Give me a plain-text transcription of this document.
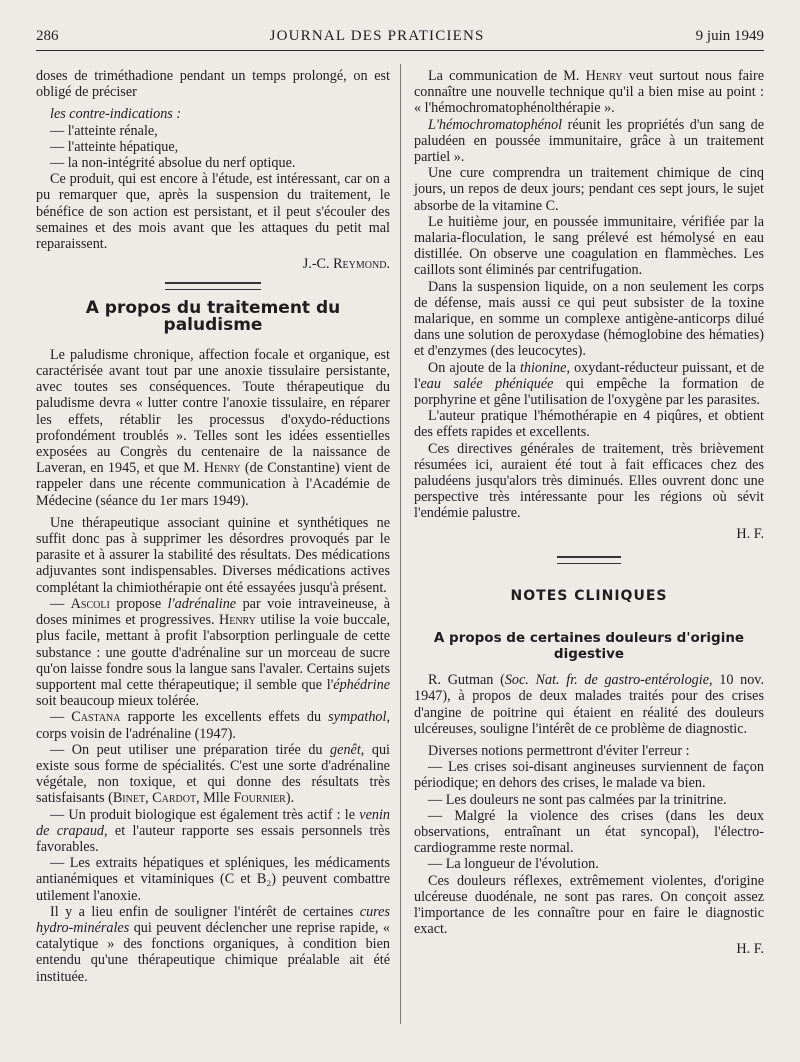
286	JOURNAL DES PRATICIENS	9 juin 1949

doses de triméthadione pendant un temps prolongé, on est obligé de préciser

les contre-indications :

— l'atteinte rénale,

— l'atteinte hépatique,

— la non-intégrité absolue du nerf optique.

Ce produit, qui est encore à l'étude, est intéressant, car on a pu remarquer que, après la suspension du traitement, le bénéfice de son action est persistant, et il peut s'écouler des semaines et des mois avant que les attaques du petit mal reparaissent.

J.-C. Reymond.

A propos du traitement du paludisme

Le paludisme chronique, affection focale et organique, est caractérisée avant tout par une anoxie tissulaire persistante, avec toutes ses conséquences. Toute thérapeutique du paludisme devra « lutter contre l'anoxie tissulaire, en réparer les effets, rétablir les processus d'oxydo-réductions profondément troublés ». Telles sont les idées essentielles exposées au Congrès du centenaire de la naissance de Laveran, en 1945, et que M. Henry (de Constantine) vient de rappeler dans une récente communication à l'Académie de Médecine (séance du 1er mars 1949).

Une thérapeutique associant quinine et synthétiques ne suffit donc pas à supprimer les désordres provoqués par le parasite et à assurer la stabilité des résultats. Des médications adjuvantes sont indispensables. Diverses médications actives complétant la chimiothérapie ont été essayées jusqu'à présent.

— Ascoli propose l'adrénaline par voie intraveineuse, à doses minimes et progressives. Henry utilise la voie buccale, plus facile, mettant à profit l'absorption perlinguale de cette substance : une goutte d'adrénaline sur un morceau de sucre qu'on laisse fondre sous la langue sans l'avaler. Certains sujets supportent mal cette thérapeutique; il semble que l'éphédrine soit beaucoup mieux tolérée.

— Castana rapporte les excellents effets du sympathol, corps voisin de l'adrénaline (1947).

— On peut utiliser une préparation tirée du genêt, qui existe sous forme de spécialités. C'est une sorte d'adrénaline végétale, non toxique, et qui donne des résultats très satisfaisants (Binet, Cardot, Mlle Fournier).

— Un produit biologique est également très actif : le venin de crapaud, et l'auteur rapporte ses essais personnels très favorables.

— Les extraits hépatiques et spléniques, les médicaments antianémiques et vitaminiques (C et B₂) peuvent combattre utilement l'anoxie.

Il y a lieu enfin de souligner l'intérêt de certaines cures hydro-minérales qui peuvent déclencher une reprise rapide, « catalytique » des fonctions organiques, à condition bien entendu qu'une thérapeutique chimique préalable ait été instituée.

La communication de M. Henry veut surtout nous faire connaître une nouvelle technique qu'il a bien mise au point : « l'hémochromatophénolthérapie ».

L'hémochromatophénol réunit les propriétés d'un sang de paludéen en poussée immunitaire, grâce à un traitement partiel ».

Une cure comprendra un traitement chimique de cinq jours, un repos de deux jours; pendant ces sept jours, le sujet absorbe de la vitamine C.

Le huitième jour, en poussée immunitaire, vérifiée par la malaria-floculation, le sang prélevé est hémolysé en eau distillée. On observe une coagulation en flammèches. Les caillots sont éliminés par centrifugation.

Dans la suspension liquide, on a non seulement les corps de défense, mais aussi ce qui peut subsister de la toxine malarique, en somme un complexe antigène-anticorps dilué dans une solution de peroxydase (hémoglobine des hématies) et d'enzymes (des leucocytes).

On ajoute de la thionine, oxydant-réducteur puissant, et de l'eau salée phéniquée qui empêche la formation de porphyrine et gêne l'utilisation de l'oxygène par les parasites.

L'auteur pratique l'hémothérapie en 4 piqûres, et obtient des effets rapides et excellents.

Ces directives générales de traitement, très brièvement résumées ici, auraient été tout à fait efficaces chez des paludéens jusqu'alors très diminués. Elles ouvrent donc une perspective très intéressante pour les régions où sévit l'endémie palustre.

H. F.

NOTES CLINIQUES
A propos de certaines douleurs d'origine digestive

R. Gutman (Soc. Nat. fr. de gastro-entérologie, 10 nov. 1947), à propos de deux malades traités pour des crises d'angine de poitrine qui étaient en réalité des douleurs ulcéreuses, souligne l'intérêt de ce problème de diagnostic.

Diverses notions permettront d'éviter l'erreur :

— Les crises soi-disant angineuses surviennent de façon périodique; en dehors des crises, le malade va bien.

— Les douleurs ne sont pas calmées par la trinitrine.

— Malgré la violence des crises (dans les deux observations, entraînant un état syncopal), l'électro-cardiogramme reste normal.

— La longueur de l'évolution.

Ces douleurs réflexes, extrêmement violentes, d'origine ulcéreuse duodénale, ne sont pas rares. On conçoit assez l'importance de les connaître pour en faire le diagnostic exact.

H. F.
